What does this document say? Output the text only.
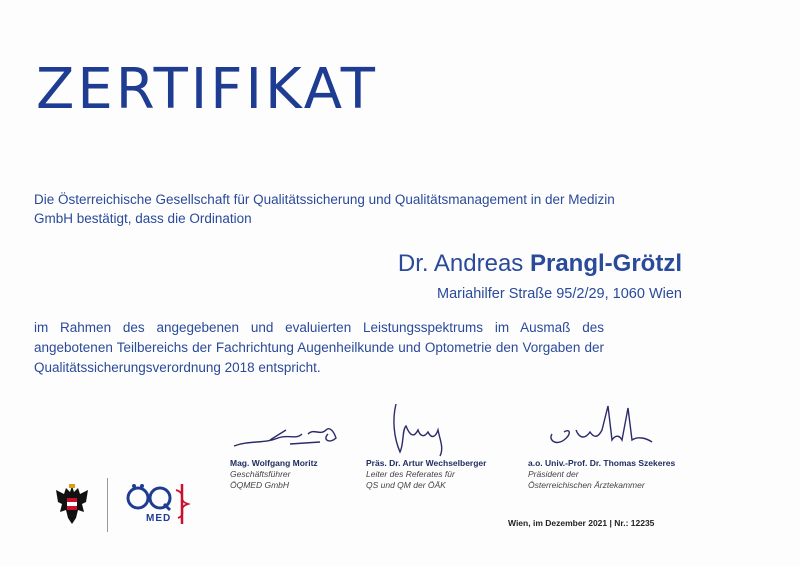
ZERTIFIKAT

Die Österreichische Gesellschaft für Qualitätssicherung und Qualitätsmanagement in der Medizin GmbH bestätigt, dass die Ordination

Dr. Andreas Prangl-Grötzl
Mariahilfer Straße 95/2/29, 1060 Wien

im Rahmen des angegebenen und evaluierten Leistungsspektrums im Ausmaß des angebotenen Teilbereichs der Fachrichtung Augenheilkunde und Optometrie den Vorgaben der Qualitätssicherungsverordnung 2018 entspricht.

Mag. Wolfgang Moritz
Geschäftsführer
ÖQMED GmbH
Präs. Dr. Artur Wechselberger
Leiter des Referates für
QS und QM der ÖÄK
a.o. Univ.-Prof. Dr. Thomas Szekeres
Präsident der
Österreichischen Ärztekammer
MED	Wien, im Dezember 2021 | Nr.: 12235
